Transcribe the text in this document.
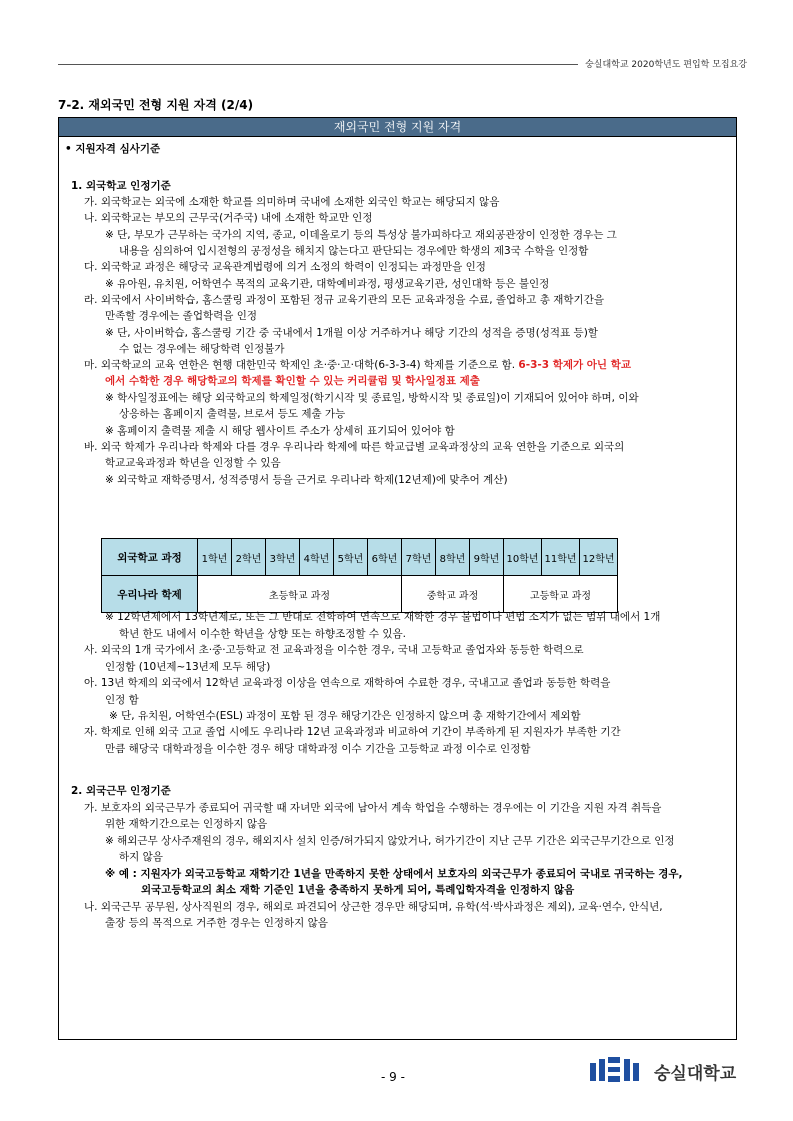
숭실대학교 2020학년도 편입학 모집요강
7-2. 재외국민 전형 지원 자격 (2/4)
재외국민 전형 지원 자격
• 지원자격 심사기준
1. 외국학교 인정기준
가. 외국학교는 외국에 소재한 학교를 의미하며 국내에 소재한 외국인 학교는 해당되지 않음
나. 외국학교는 부모의 근무국(거주국) 내에 소재한 학교만 인정
※ 단, 부모가 근무하는 국가의 지역, 종교, 이데올로기 등의 특성상 불가피하다고 재외공관장이 인정한 경우는 그
내용을 심의하여 입시전형의 공정성을 해치지 않는다고 판단되는 경우에만 학생의 제3국 수학을 인정함
다. 외국학교 과정은 해당국 교육관계법령에 의거 소정의 학력이 인정되는 과정만을 인정
※ 유아원, 유치원, 어학연수 목적의 교육기관, 대학예비과정, 평생교육기관, 성인대학 등은 불인정
라. 외국에서 사이버학습, 홈스쿨링 과정이 포함된 정규 교육기관의 모든 교육과정을 수료, 졸업하고 총 재학기간을
만족할 경우에는 졸업학력을 인정
※ 단, 사이버학습, 홈스쿨링 기간 중 국내에서 1개월 이상 거주하거나 해당 기간의 성적을 증명(성적표 등)할
수 없는 경우에는 해당학력 인정불가
마. 외국학교의 교육 연한은 현행 대한민국 학제인 초·중·고·대학(6-3-3-4) 학제를 기준으로 함. 6-3-3 학제가 아닌 학교
에서 수학한 경우 해당학교의 학제를 확인할 수 있는 커리큘럼 및 학사일정표 제출
※ 학사일정표에는 해당 외국학교의 학제일정(학기시작 및 종료일, 방학시작 및 종료일)이 기재되어 있어야 하며, 이와
상응하는 홈페이지 출력물, 브로셔 등도 제출 가능
※ 홈페이지 출력물 제출 시 해당 웹사이트 주소가 상세히 표기되어 있어야 함
바. 외국 학제가 우리나라 학제와 다를 경우 우리나라 학제에 따른 학교급별 교육과정상의 교육 연한을 기준으로 외국의
학교교육과정과 학년을 인정할 수 있음
※ 외국학교 재학증명서, 성적증명서 등을 근거로 우리나라 학제(12년제)에 맞추어 계산)
외국학교 과정	1학년	2학년	3학년	4학년	5학년	6학년	7학년	8학년	9학년	10학년	11학년	12학년
우리나라 학제	초등학교 과정						중학교 과정			고등학교 과정		
※ 12학년제에서 13학년제로, 또는 그 반대로 전학하여 연속으로 재학한 경우 불법이나 편법 소지가 없는 범위 내에서 1개
학년 한도 내에서 이수한 학년을 상향 또는 하향조정할 수 있음.
사. 외국의 1개 국가에서 초·중·고등학교 전 교육과정을 이수한 경우, 국내 고등학교 졸업자와 동등한 학력으로
인정함 (10년제~13년제 모두 해당)
아. 13년 학제의 외국에서 12학년 교육과정 이상을 연속으로 재학하여 수료한 경우, 국내고교 졸업과 동등한 학력을
인정 함
※ 단, 유치원, 어학연수(ESL) 과정이 포함 된 경우 해당기간은 인정하지 않으며 총 재학기간에서 제외함
자. 학제로 인해 외국 고교 졸업 시에도 우리나라 12년 교육과정과 비교하여 기간이 부족하게 된 지원자가 부족한 기간
만큼 해당국 대학과정을 이수한 경우 해당 대학과정 이수 기간을 고등학교 과정 이수로 인정함
2. 외국근무 인정기준
가. 보호자의 외국근무가 종료되어 귀국할 때 자녀만 외국에 남아서 계속 학업을 수행하는 경우에는 이 기간을 지원 자격 취득을
위한 재학기간으로는 인정하지 않음
※ 해외근무 상사주재원의 경우, 해외지사 설치 인증/허가되지 않았거나, 허가기간이 지난 근무 기간은 외국근무기간으로 인정
하지 않음
※ 예 : 지원자가 외국고등학교 재학기간 1년을 만족하지 못한 상태에서 보호자의 외국근무가 종료되어 국내로 귀국하는 경우,
외국고등학교의 최소 재학 기준인 1년을 충족하지 못하게 되어, 특례입학자격을 인정하지 않음
나. 외국근무 공무원, 상사직원의 경우, 해외로 파견되어 상근한 경우만 해당되며, 유학(석·박사과정은 제외), 교육·연수, 안식년,
출장 등의 목적으로 거주한 경우는 인정하지 않음
- 9 -	숭실대학교
